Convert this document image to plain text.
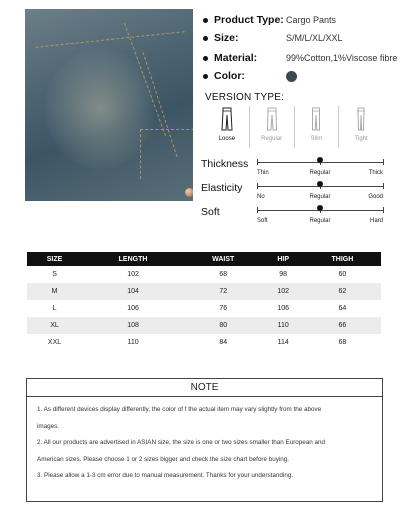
Product Type: Cargo Pants
Size:	S/M/L/XL/XXL
Material:	99%Cotton,1%Viscose fibre
Color:
VERSION TYPE:
Loose	Regular	Slim	Tight
Thickness
Thin	Regular	Thick
Elasticity
No	Regular	Good
Soft
Soft	Regular	Hard
SIZE	LENGTH	WAIST	HIP	THIGH
S	102	68	98	60
M	104	72	102	62
L	106	76	106	64
XL	108	80	110	66
XXL	110	84	114	68
NOTE
1. As different devices display differently, the color of f the actual item may vary slightly from the above
images.
2. All our products are advertised in ASIAN size, the size is one or two sizes smaller than European and
American sizes. Please choose 1 or 2 sizes bigger and check the size chart before buying.
3. Please allow a 1-3 cm error due to manual measurement. Thanks for your understanding.
